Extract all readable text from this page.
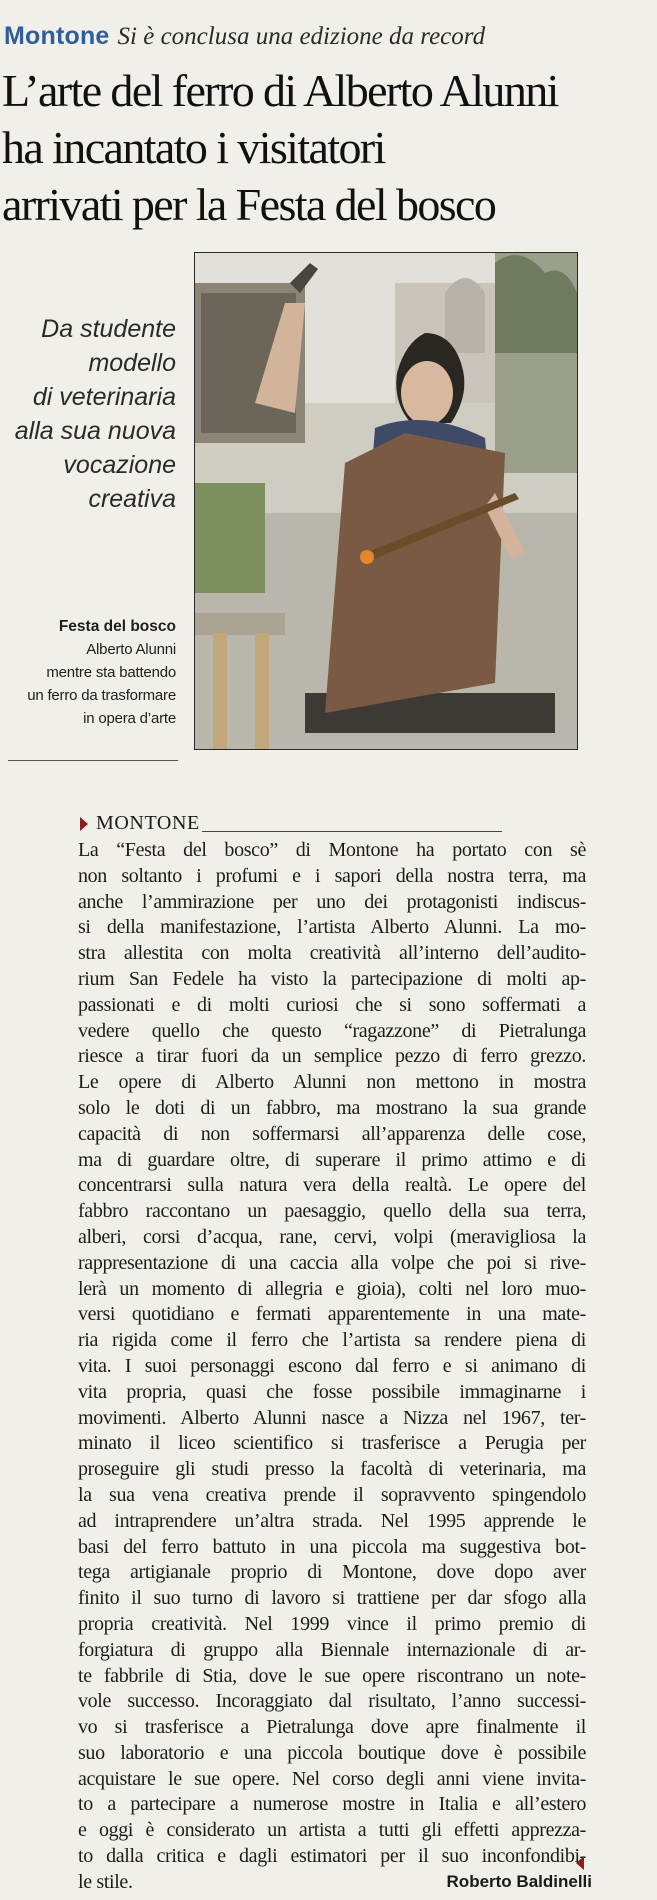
Montone Si è conclusa una edizione da record
L’arte del ferro di Alberto Alunni
ha incantato i visitatori
arrivati per la Festa del bosco
Da studente
modello
di veterinaria
alla sua nuova
vocazione
creativa
Festa del bosco
Alberto Alunni
mentre sta battendo
un ferro da trasformare
in opera d’arte
MONTONE
La “Festa del bosco” di Montone ha portato con sè
non soltanto i profumi e i sapori della nostra terra, ma
anche l’ammirazione per uno dei protagonisti indiscus-
si della manifestazione, l’artista Alberto Alunni. La mo-
stra allestita con molta creatività all’interno dell’audito-
rium San Fedele ha visto la partecipazione di molti ap-
passionati e di molti curiosi che si sono soffermati a
vedere quello che questo “ragazzone” di Pietralunga
riesce a tirar fuori da un semplice pezzo di ferro grezzo.
Le opere di Alberto Alunni non mettono in mostra
solo le doti di un fabbro, ma mostrano la sua grande
capacità di non soffermarsi all’apparenza delle cose,
ma di guardare oltre, di superare il primo attimo e di
concentrarsi sulla natura vera della realtà. Le opere del
fabbro raccontano un paesaggio, quello della sua terra,
alberi, corsi d’acqua, rane, cervi, volpi (meravigliosa la
rappresentazione di una caccia alla volpe che poi si rive-
lerà un momento di allegria e gioia), colti nel loro muo-
versi quotidiano e fermati apparentemente in una mate-
ria rigida come il ferro che l’artista sa rendere piena di
vita. I suoi personaggi escono dal ferro e si animano di
vita propria, quasi che fosse possibile immaginarne i
movimenti. Alberto Alunni nasce a Nizza nel 1967, ter-
minato il liceo scientifico si trasferisce a Perugia per
proseguire gli studi presso la facoltà di veterinaria, ma
la sua vena creativa prende il sopravvento spingendolo
ad intraprendere un’altra strada. Nel 1995 apprende le
basi del ferro battuto in una piccola ma suggestiva bot-
tega artigianale proprio di Montone, dove dopo aver
finito il suo turno di lavoro si trattiene per dar sfogo alla
propria creatività. Nel 1999 vince il primo premio di
forgiatura di gruppo alla Biennale internazionale di ar-
te fabbrile di Stia, dove le sue opere riscontrano un note-
vole successo. Incoraggiato dal risultato, l’anno successi-
vo si trasferisce a Pietralunga dove apre finalmente il
suo laboratorio e una piccola boutique dove è possibile
acquistare le sue opere. Nel corso degli anni viene invita-
to a partecipare a numerose mostre in Italia e all’estero
e oggi è considerato un artista a tutti gli effetti apprezza-
to dalla critica e dagli estimatori per il suo inconfondibi-
le stile.	Roberto Baldinelli
